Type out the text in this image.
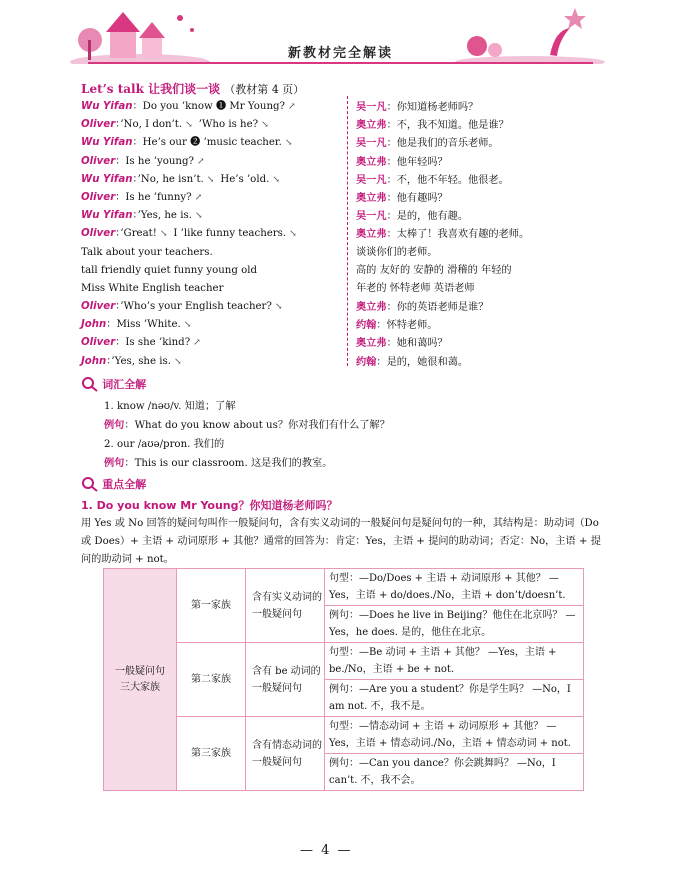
新教材完全解读
Let’s talk 让我们谈一谈 （教材第 4 页）
Wu Yifan：Do you ’know ❶ Mr Young? ↗
Oliver：’No, I don’t. ↘ ’Who is he? ↘
Wu Yifan：He’s our ❷ ’music teacher. ↘
Oliver：Is he ’young? ↗
Wu Yifan：’No, he isn’t. ↘ He’s ’old. ↘
Oliver：Is he ’funny? ↗
Wu Yifan：’Yes, he is. ↘
Oliver：’Great! ↘ I ’like funny teachers. ↘
Talk about your teachers.
tall friendly quiet funny young old
Miss White English teacher
Oliver：’Who’s your English teacher? ↘
John：Miss ’White. ↘
Oliver：Is she ’kind? ↗
John：’Yes, she is. ↘
吴一凡：你知道杨老师吗？
奥立弗：不，我不知道。他是谁？
吴一凡：他是我们的音乐老师。
奥立弗：他年轻吗？
吴一凡：不，他不年轻。他很老。
奥立弗：他有趣吗？
吴一凡：是的，他有趣。
奥立弗：太棒了！我喜欢有趣的老师。
谈谈你们的老师。
高的 友好的 安静的 滑稽的 年轻的
年老的 怀特老师 英语老师
奥立弗：你的英语老师是谁？
约翰：怀特老师。
奥立弗：她和蔼吗？
约翰：是的，她很和蔼。
词汇全解
1. know /nəʊ/v. 知道；了解
例句：What do you know about us？你对我们有什么了解？
2. our /aʊə/pron. 我们的
例句：This is our classroom. 这是我们的教室。
重点全解
1. Do you know Mr Young？你知道杨老师吗？
用 Yes 或 No 回答的疑问句叫作一般疑问句，含有实义动词的一般疑问句是疑问句的一种，其结构是：助动词（Do 或 Does）+ 主语 + 动词原形 + 其他？通常的回答为：肯定：Yes，主语 + 提问的助动词；否定：No，主语 + 提问的助动词 + not。
一般疑问句三大家族	第一家族	含有实义动词的一般疑问句	句型：—Do/Does + 主语 + 动词原形 + 其他？ —Yes，主语 + do/does./No，主语 + don’t/doesn’t.
			例句：—Does he live in Beijing？他住在北京吗？ —Yes，he does. 是的，他住在北京。
	第二家族	含有 be 动词的一般疑问句	句型：—Be 动词 + 主语 + 其他？ —Yes，主语 + be./No，主语 + be + not.
			例句：—Are you a student？你是学生吗？ —No，I am not. 不，我不是。
	第三家族	含有情态动词的一般疑问句	句型：—情态动词 + 主语 + 动词原形 + 其他？ —Yes，主语 + 情态动词./No，主语 + 情态动词 + not.
			例句：—Can you dance？你会跳舞吗？ —No，I can’t. 不，我不会。
— 4 —
